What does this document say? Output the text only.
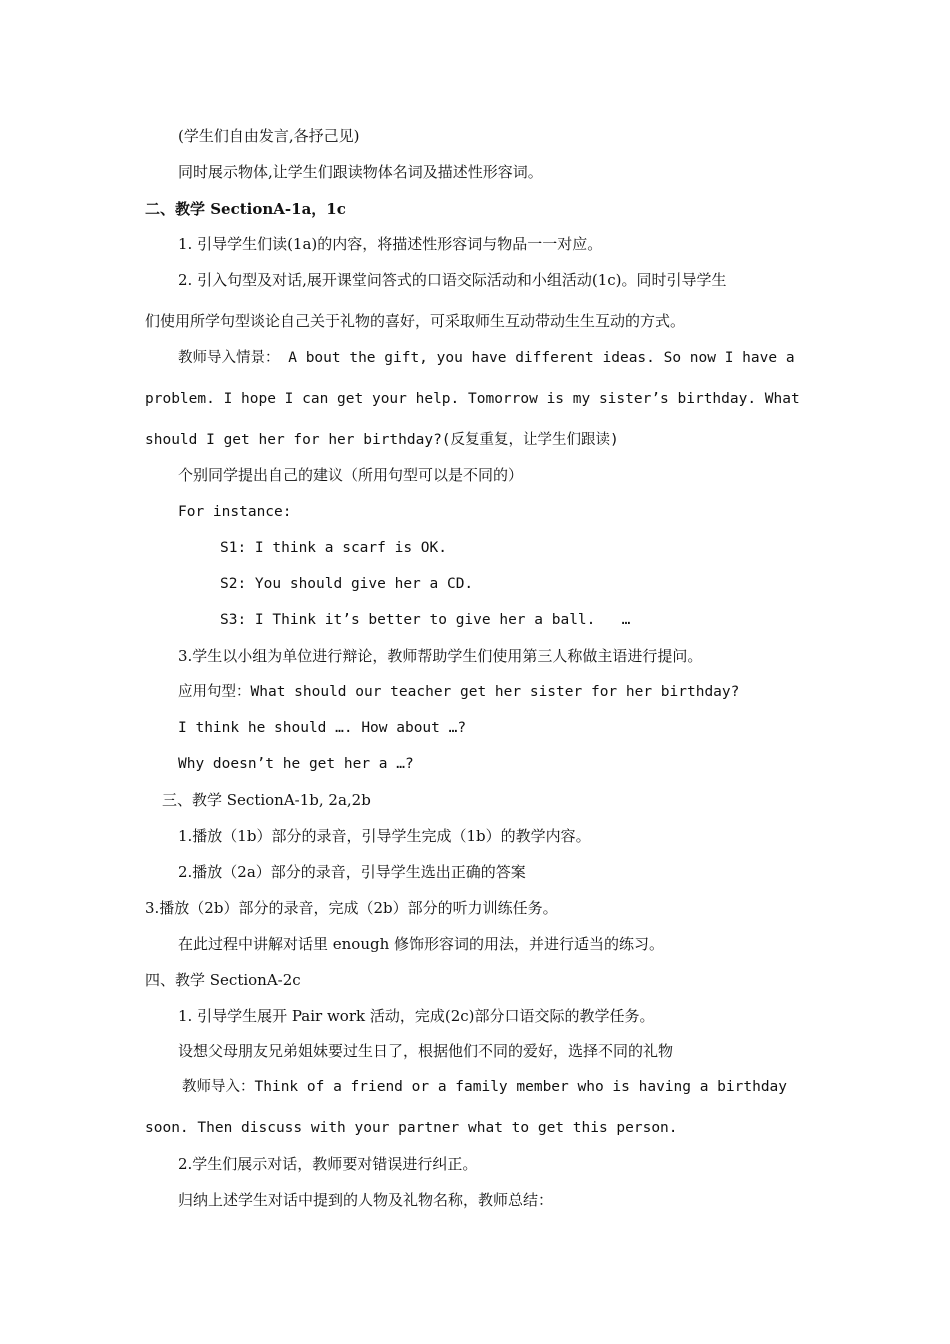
(学生们自由发言,各抒己见)
同时展示物体,让学生们跟读物体名词及描述性形容词。
二、教学 SectionA-1a，1c
1. 引导学生们读(1a)的内容，将描述性形容词与物品一一对应。
2. 引入句型及对话,展开课堂问答式的口语交际活动和小组活动(1c)。同时引导学生
们使用所学句型谈论自己关于礼物的喜好，可采取师生互动带动生生互动的方式。
教师导入情景： A bout the gift, you have different ideas. So now I have a
problem. I hope I can get your help. Tomorrow is my sister’s birthday. What
should I get her for her birthday?(反复重复，让学生们跟读)
个别同学提出自己的建议（所用句型可以是不同的）
For instance:
S1: I think a scarf is OK.
S2: You should give her a CD.
S3: I Think it’s better to give her a ball.   …
3.学生以小组为单位进行辩论，教师帮助学生们使用第三人称做主语进行提问。
应用句型：What should our teacher get her sister for her birthday?
I think he should …. How about …?
Why doesn’t he get her a …?
三、教学 SectionA-1b, 2a,2b
1.播放（1b）部分的录音，引导学生完成（1b）的教学内容。
2.播放（2a）部分的录音，引导学生选出正确的答案
3.播放（2b）部分的录音，完成（2b）部分的听力训练任务。
在此过程中讲解对话里 enough 修饰形容词的用法，并进行适当的练习。
四、教学 SectionA-2c
1. 引导学生展开 Pair work 活动，完成(2c)部分口语交际的教学任务。
设想父母朋友兄弟姐妹要过生日了，根据他们不同的爱好，选择不同的礼物
教师导入：Think of a friend or a family member who is having a birthday
soon. Then discuss with your partner what to get this person.
2.学生们展示对话，教师要对错误进行纠正。
归纳上述学生对话中提到的人物及礼物名称，教师总结：
